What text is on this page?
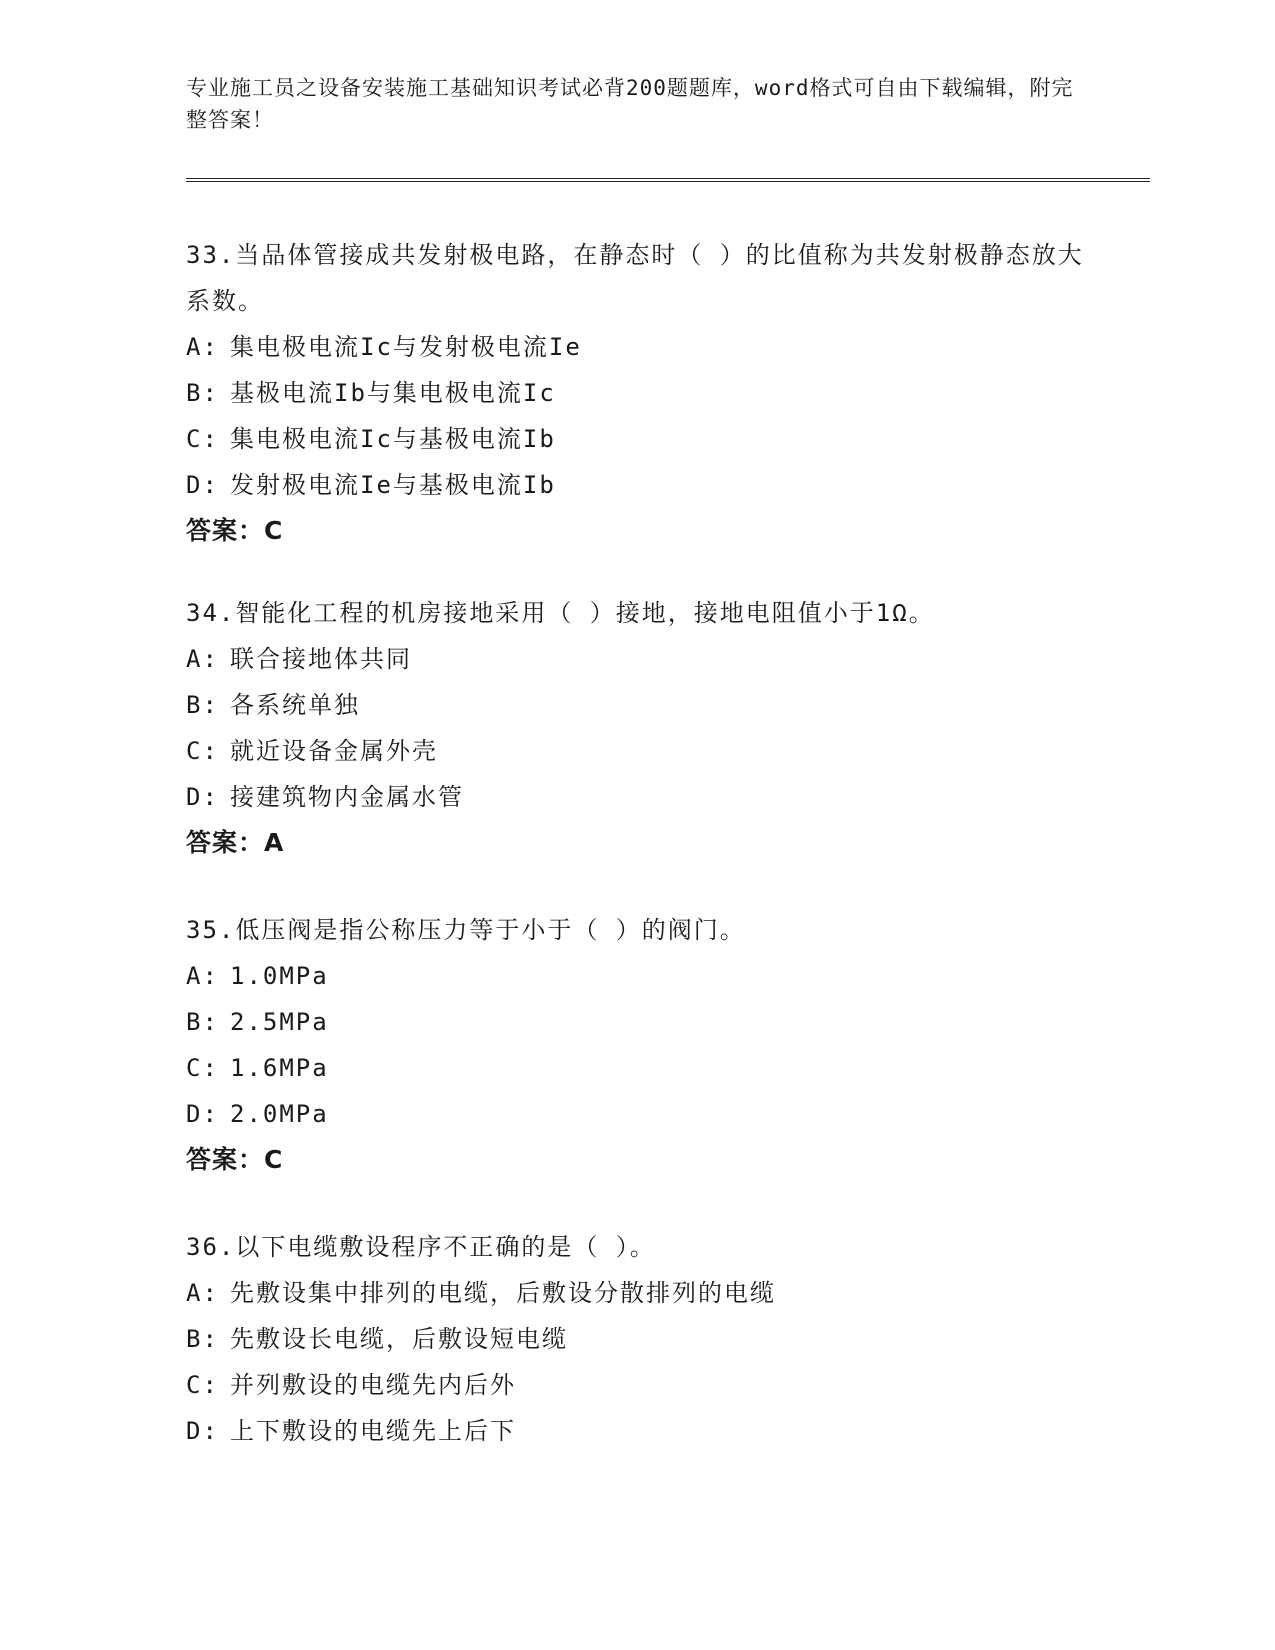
专业施工员之设备安装施工基础知识考试必背200题题库，word格式可自由下载编辑，附完整答案！

33.当品体管接成共发射极电路，在静态时（ ）的比值称为共发射极静态放大系数。

A: 集电极电流Ic与发射极电流Ie

B: 基极电流Ib与集电极电流Ic

C: 集电极电流Ic与基极电流Ib

D: 发射极电流Ie与基极电流Ib

答案：C

34.智能化工程的机房接地采用（ ）接地，接地电阻值小于1Ω。

A: 联合接地体共同

B: 各系统单独

C: 就近设备金属外壳

D: 接建筑物内金属水管

答案：A

35.低压阀是指公称压力等于小于（ ）的阀门。

A: 1.0MPa

B: 2.5MPa

C: 1.6MPa

D: 2.0MPa

答案：C

36.以下电缆敷设程序不正确的是（ ）。

A: 先敷设集中排列的电缆，后敷设分散排列的电缆

B: 先敷设长电缆，后敷设短电缆

C: 并列敷设的电缆先内后外

D: 上下敷设的电缆先上后下
